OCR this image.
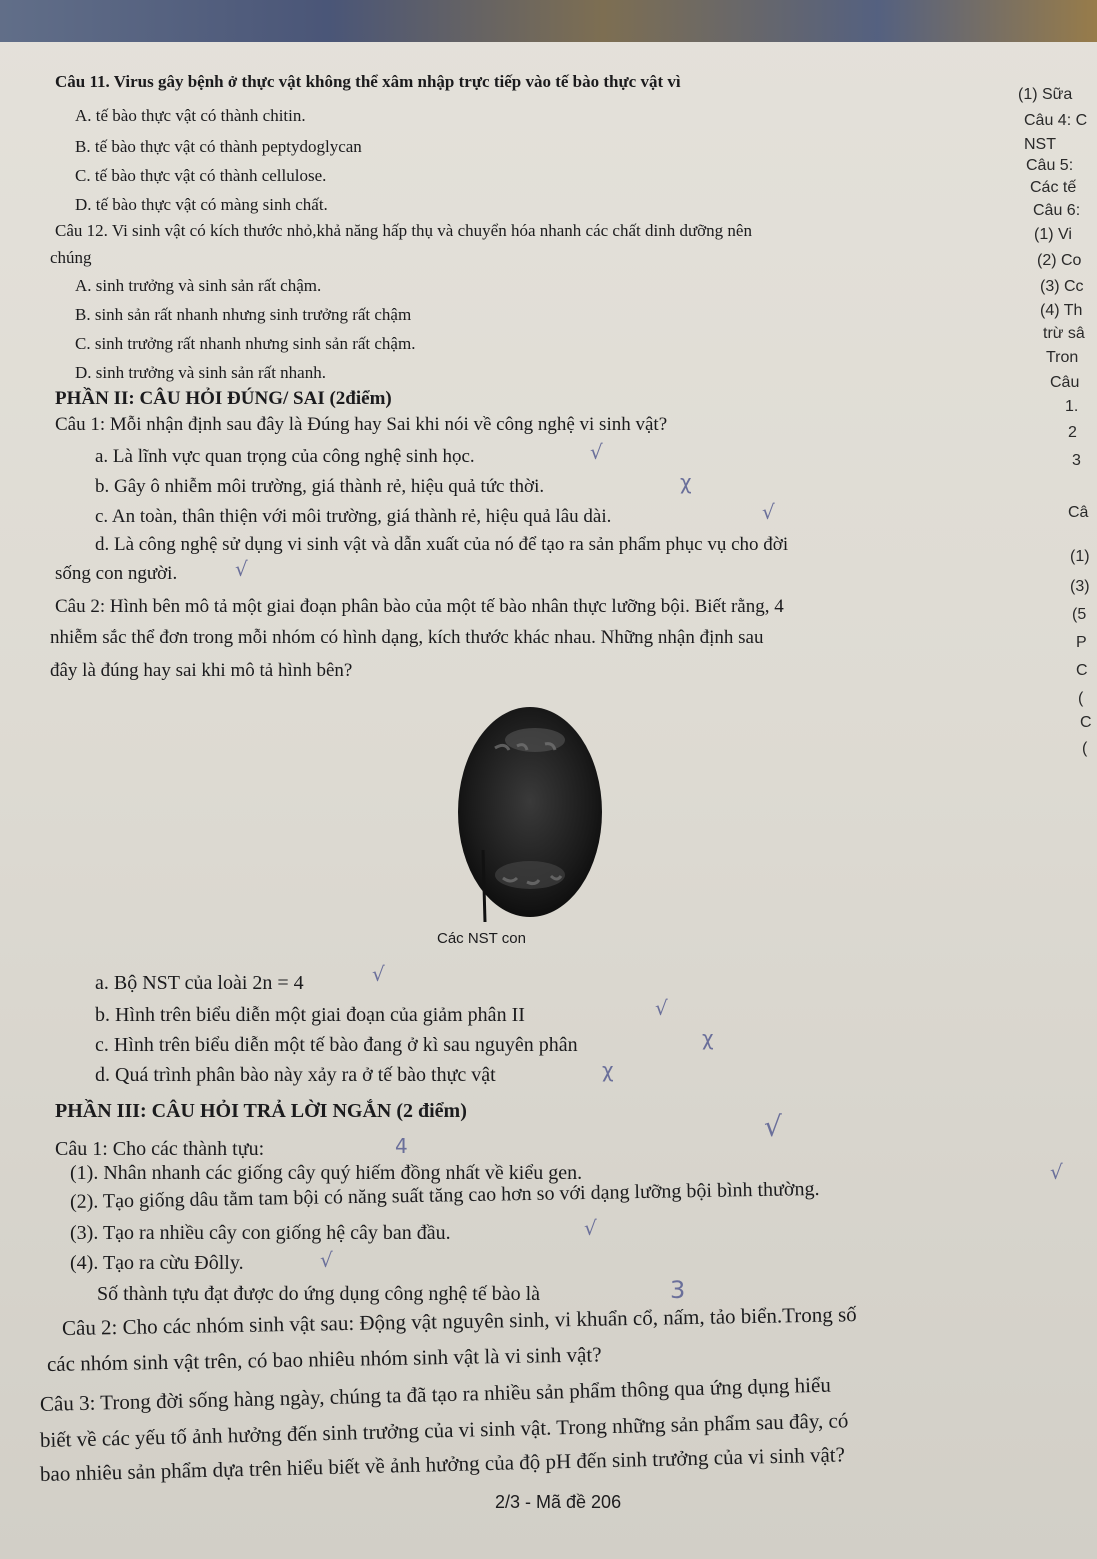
Câu 11. Virus gây bệnh ở thực vật không thể xâm nhập trực tiếp vào tế bào thực vật vì
A. tế bào thực vật có thành chitin.
B. tế bào thực vật có thành peptydoglycan
C. tế bào thực vật có thành cellulose.
D. tế bào thực vật có màng sinh chất.
Câu 12. Vi sinh vật có kích thước nhỏ,khả năng hấp thụ và chuyển hóa nhanh các chất dinh dưỡng nên
chúng
A. sinh trưởng và sinh sản rất chậm.
B. sinh sản rất nhanh nhưng sinh trưởng rất chậm
C. sinh trưởng rất nhanh nhưng sinh sản rất chậm.
D. sinh trưởng và sinh sản rất nhanh.
PHẦN II: CÂU HỎI ĐÚNG/ SAI (2điểm)
Câu 1: Mỗi nhận định sau đây là Đúng hay Sai khi nói về công nghệ vi sinh vật?
a. Là lĩnh vực quan trọng của công nghệ sinh học.	√
b. Gây ô nhiễm môi trường, giá thành rẻ, hiệu quả tức thời.	χ
c. An toàn, thân thiện với môi trường, giá thành rẻ, hiệu quả lâu dài.	√
d. Là công nghệ sử dụng vi sinh vật và dẫn xuất của nó để tạo ra sản phẩm phục vụ cho đời
sống con người.	√
Câu 2: Hình bên mô tả một giai đoạn phân bào của một tế bào nhân thực lưỡng bội. Biết rằng, 4
nhiễm sắc thể đơn trong mỗi nhóm có hình dạng, kích thước khác nhau. Những nhận định sau
đây là đúng hay sai khi mô tả hình bên?
Các NST con
a. Bộ NST của loài 2n = 4	√
b. Hình trên biểu diễn một giai đoạn của giảm phân II	√
c. Hình trên biểu diễn một tế bào đang ở kì sau nguyên phân	χ
d. Quá trình phân bào này xảy ra ở tế bào thực vật	χ
PHẦN III: CÂU HỎI TRẢ LỜI NGẮN (2 điểm)	√
Câu 1: Cho các thành tựu:	4
(1). Nhân nhanh các giống cây quý hiếm đồng nhất về kiểu gen.
(2). Tạo giống dâu tằm tam bội có năng suất tăng cao hơn so với dạng lưỡng bội bình thường.
√
(3). Tạo ra nhiều cây con giống hệ cây ban đầu.	√
(4). Tạo ra cừu Đôlly.	√
Số thành tựu đạt được do ứng dụng công nghệ tế bào là	3
Câu 2: Cho các nhóm sinh vật sau: Động vật nguyên sinh, vi khuẩn cổ, nấm, tảo biển.Trong số
các nhóm sinh vật trên, có bao nhiêu nhóm sinh vật là vi sinh vật?
Câu 3: Trong đời sống hàng ngày, chúng ta đã tạo ra nhiều sản phẩm thông qua ứng dụng hiểu
biết về các yếu tố ảnh hưởng đến sinh trưởng của vi sinh vật. Trong những sản phẩm sau đây, có
bao nhiêu sản phẩm dựa trên hiểu biết về ảnh hưởng của độ pH đến sinh trưởng của vi sinh vật?
2/3 - Mã đề 206
(1) Sữa
Câu 4: C
NST
Câu 5:
Các tế
Câu 6:
(1) Vi
(2) Co
(3) Cc
(4) Th
trừ sâ
Tron
Câu
1.
2
3
Câ
(1)
(3)
(5
P
C
(
C
(
